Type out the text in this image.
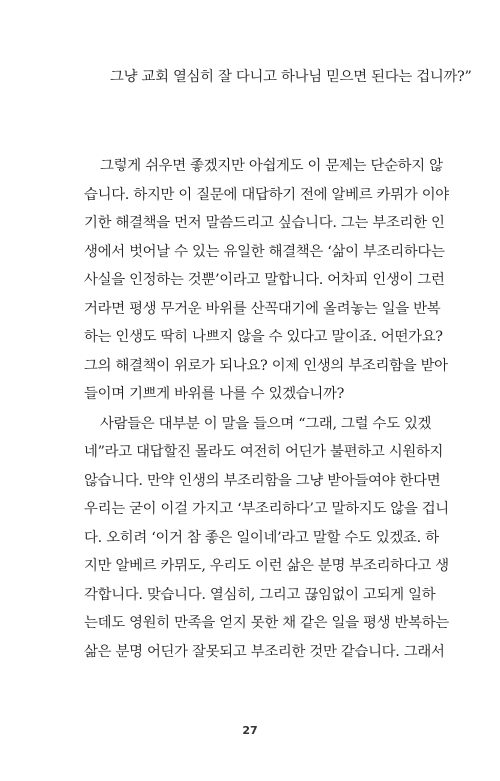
그냥 교회 열심히 잘 다니고 하나님 믿으면 된다는 겁니까?”
그렇게 쉬우면 좋겠지만 아쉽게도 이 문제는 단순하지 않
습니다. 하지만 이 질문에 대답하기 전에 알베르 카뮈가 이야
기한 해결책을 먼저 말씀드리고 싶습니다. 그는 부조리한 인
생에서 벗어날 수 있는 유일한 해결책은 ‘삶이 부조리하다는
사실을 인정하는 것뿐’이라고 말합니다. 어차피 인생이 그런
거라면 평생 무거운 바위를 산꼭대기에 올려놓는 일을 반복
하는 인생도 딱히 나쁘지 않을 수 있다고 말이죠. 어떤가요?
그의 해결책이 위로가 되나요? 이제 인생의 부조리함을 받아
들이며 기쁘게 바위를 나를 수 있겠습니까?
사람들은 대부분 이 말을 들으며 “그래, 그럴 수도 있겠
네”라고 대답할진 몰라도 여전히 어딘가 불편하고 시원하지
않습니다. 만약 인생의 부조리함을 그냥 받아들여야 한다면
우리는 굳이 이걸 가지고 ‘부조리하다’고 말하지도 않을 겁니
다. 오히려 ‘이거 참 좋은 일이네’라고 말할 수도 있겠죠. 하
지만 알베르 카뮈도, 우리도 이런 삶은 분명 부조리하다고 생
각합니다. 맞습니다. 열심히, 그리고 끊임없이 고되게 일하
는데도 영원히 만족을 얻지 못한 채 같은 일을 평생 반복하는
삶은 분명 어딘가 잘못되고 부조리한 것만 같습니다. 그래서
27
